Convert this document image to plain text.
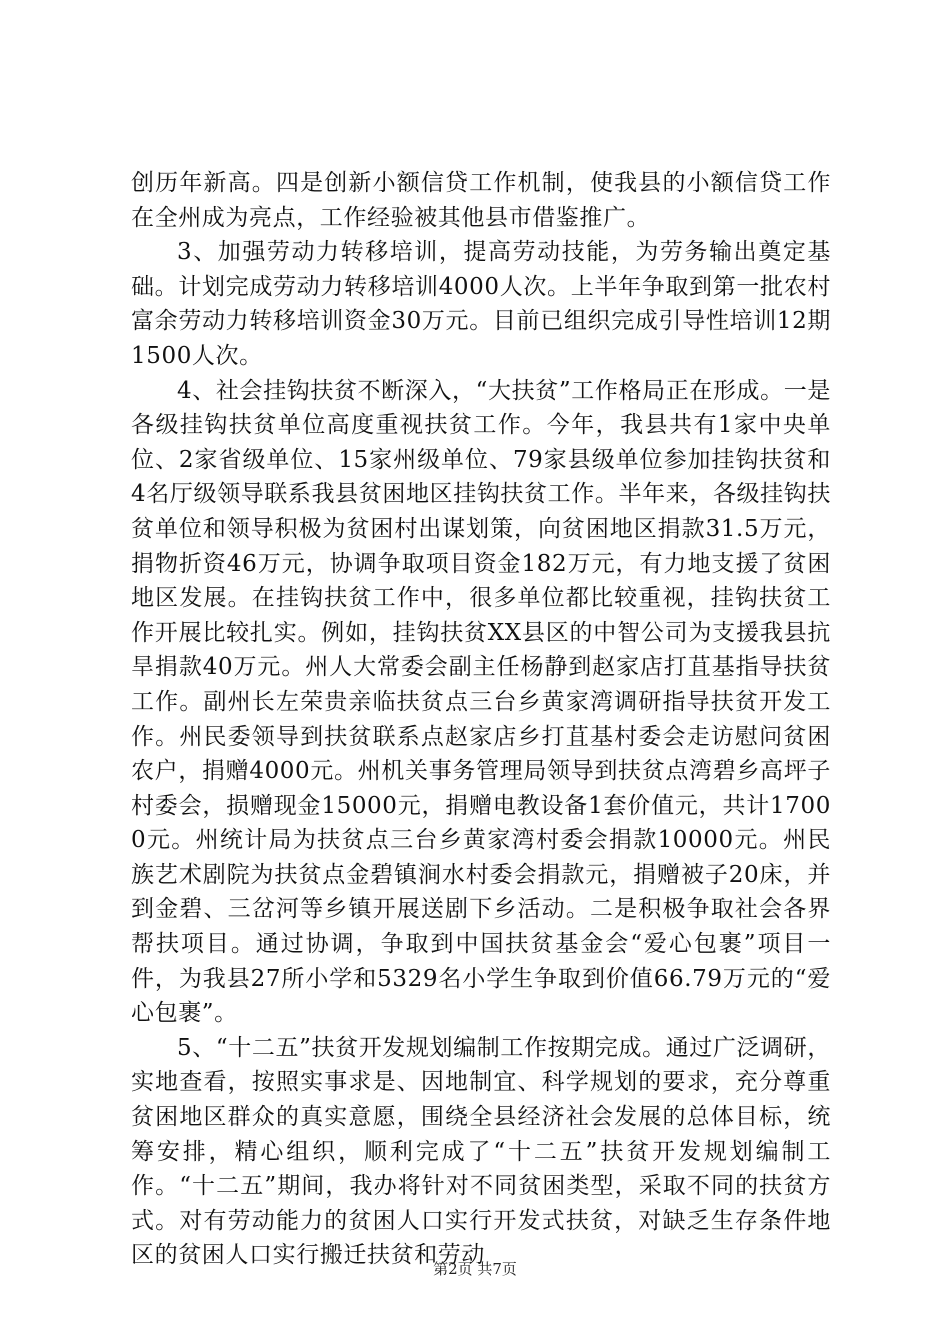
创历年新高。四是创新小额信贷工作机制，使我县的小额信贷工作在全州成为亮点，工作经验被其他县市借鉴推广。

3、加强劳动力转移培训，提高劳动技能，为劳务输出奠定基础。计划完成劳动力转移培训4000人次。上半年争取到第一批农村富余劳动力转移培训资金30万元。目前已组织完成引导性培训12期1500人次。

4、社会挂钩扶贫不断深入，“大扶贫”工作格局正在形成。一是各级挂钩扶贫单位高度重视扶贫工作。今年，我县共有1家中央单位、2家省级单位、15家州级单位、79家县级单位参加挂钩扶贫和4名厅级领导联系我县贫困地区挂钩扶贫工作。半年来，各级挂钩扶贫单位和领导积极为贫困村出谋划策，向贫困地区捐款31.5万元，捐物折资46万元，协调争取项目资金182万元，有力地支援了贫困地区发展。在挂钩扶贫工作中，很多单位都比较重视，挂钩扶贫工作开展比较扎实。例如，挂钩扶贫XX县区的中智公司为支援我县抗旱捐款40万元。州人大常委会副主任杨静到赵家店打苴基指导扶贫工作。副州长左荣贵亲临扶贫点三台乡黄家湾调研指导扶贫开发工作。州民委领导到扶贫联系点赵家店乡打苴基村委会走访慰问贫困农户，捐赠4000元。州机关事务管理局领导到扶贫点湾碧乡高坪子村委会，损赠现金15000元，捐赠电教设备1套价值元，共计17000元。州统计局为扶贫点三台乡黄家湾村委会捐款10000元。州民族艺术剧院为扶贫点金碧镇涧水村委会捐款元，捐赠被子20床，并到金碧、三岔河等乡镇开展送剧下乡活动。二是积极争取社会各界帮扶项目。通过协调，争取到中国扶贫基金会“爱心包裹”项目一件，为我县27所小学和5329名小学生争取到价值66.79万元的“爱心包裹”。

5、“十二五”扶贫开发规划编制工作按期完成。通过广泛调研，实地查看，按照实事求是、因地制宜、科学规划的要求，充分尊重贫困地区群众的真实意愿，围绕全县经济社会发展的总体目标，统筹安排，精心组织，顺利完成了“十二五”扶贫开发规划编制工作。“十二五”期间，我办将针对不同贫困类型，采取不同的扶贫方式。对有劳动能力的贫困人口实行开发式扶贫，对缺乏生存条件地区的贫困人口实行搬迁扶贫和劳动

第2页 共7页
